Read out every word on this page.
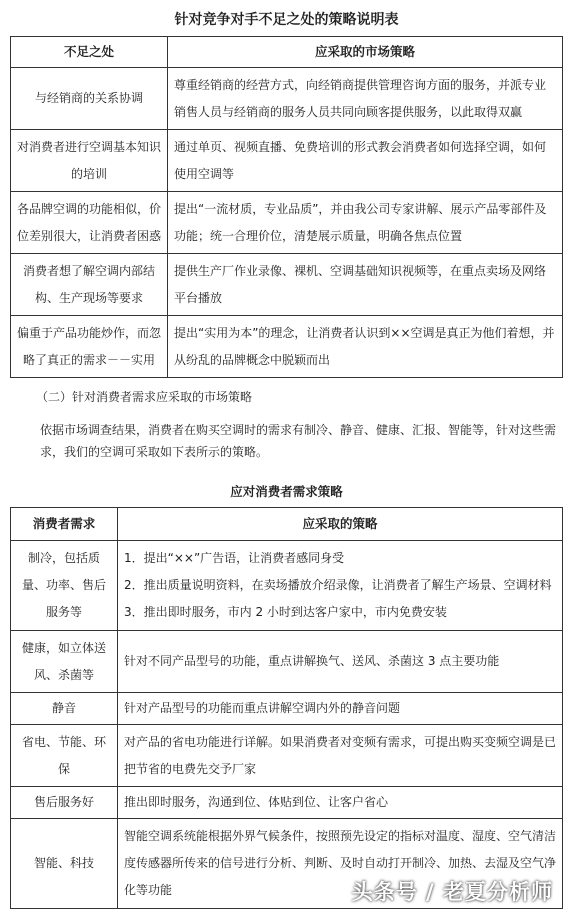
针对竞争对手不足之处的策略说明表	
不足之处	应采取的市场策略
与经销商的关系协调	尊重经销商的经营方式，向经销商提供管理咨询方面的服务，并派专业销售人员与经销商的服务人员共同向顾客提供服务，以此取得双赢
对消费者进行空调基本知识的培训	通过单页、视频直播、免费培训的形式教会消费者如何选择空调，如何使用空调等
各品牌空调的功能相似，价位差别很大，让消费者困惑	提出“一流材质，专业品质”，并由我公司专家讲解、展示产品零部件及功能；统一合理价位，清楚展示质量，明确各焦点位置
消费者想了解空调内部结构、生产现场等要求	提供生产厂作业录像、裸机、空调基础知识视频等，在重点卖场及网络平台播放
偏重于产品功能炒作，而忽略了真正的需求－－实用	提出“实用为本”的理念，让消费者认识到××空调是真正为他们着想，并从纷乱的品牌概念中脱颖而出
（二）针对消费者需求应采取的市场策略
依据市场调查结果，消费者在购买空调时的需求有制冷、静音、健康、汇报、智能等，针对这些需求，我们的空调可采取如下表所示的策略。
应对消费者需求策略
消费者需求	应采取的策略
制冷，包括质量、功率、售后服务等	1．提出“××”广告语，让消费者感同身受
2．推出质量说明资料，在卖场播放介绍录像，让消费者了解生产场景、空调材料
3．推出即时服务，市内 2 小时到达客户家中，市内免费安装

健康，如立体送风、杀菌等	针对不同产品型号的功能，重点讲解换气、送风、杀菌这 3 点主要功能
静音	针对产品型号的功能而重点讲解空调内外的静音问题
省电、节能、环保	对产品的省电功能进行详解。如果消费者对变频有需求，可提出购买变频空调是已把节省的电费先交予厂家
售后服务好	推出即时服务，沟通到位、体贴到位、让客户省心
智能、科技	智能空调系统能根据外界气候条件，按照预先设定的指标对温度、湿度、空气清洁度传感器所传来的信号进行分析、判断、及时自动打开制冷、加热、去湿及空气净化等功能	头条号 / 老夏分析师
